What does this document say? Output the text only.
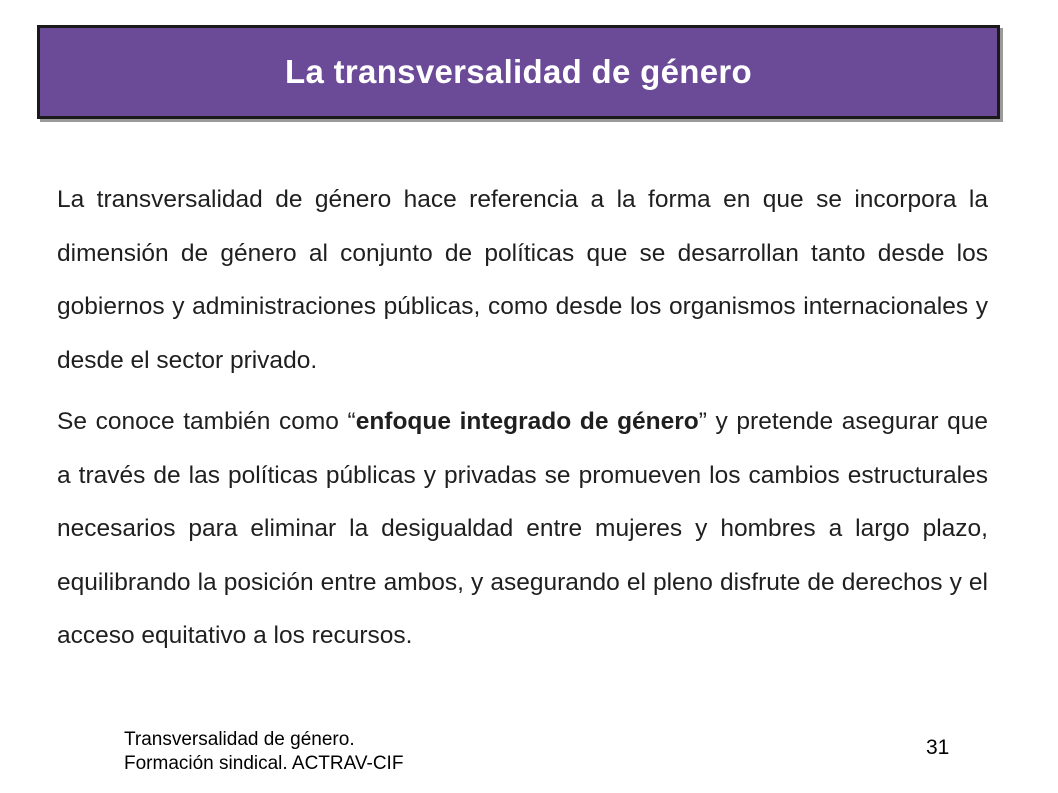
La transversalidad de género

La transversalidad de género hace referencia a la forma en que se incorpora la dimensión de género al conjunto de políticas que se desarrollan tanto desde los gobiernos y administraciones públicas, como desde los organismos internacionales y desde el sector privado.

Se conoce también como “enfoque integrado de género” y pretende asegurar que a través de las políticas públicas y privadas se promueven los cambios estructurales necesarios para eliminar la desigualdad entre mujeres y hombres a largo plazo, equilibrando la posición entre ambos, y asegurando el pleno disfrute de derechos y el acceso equitativo a los recursos.

Transversalidad de género.
Formación sindical. ACTRAV-CIF
31
